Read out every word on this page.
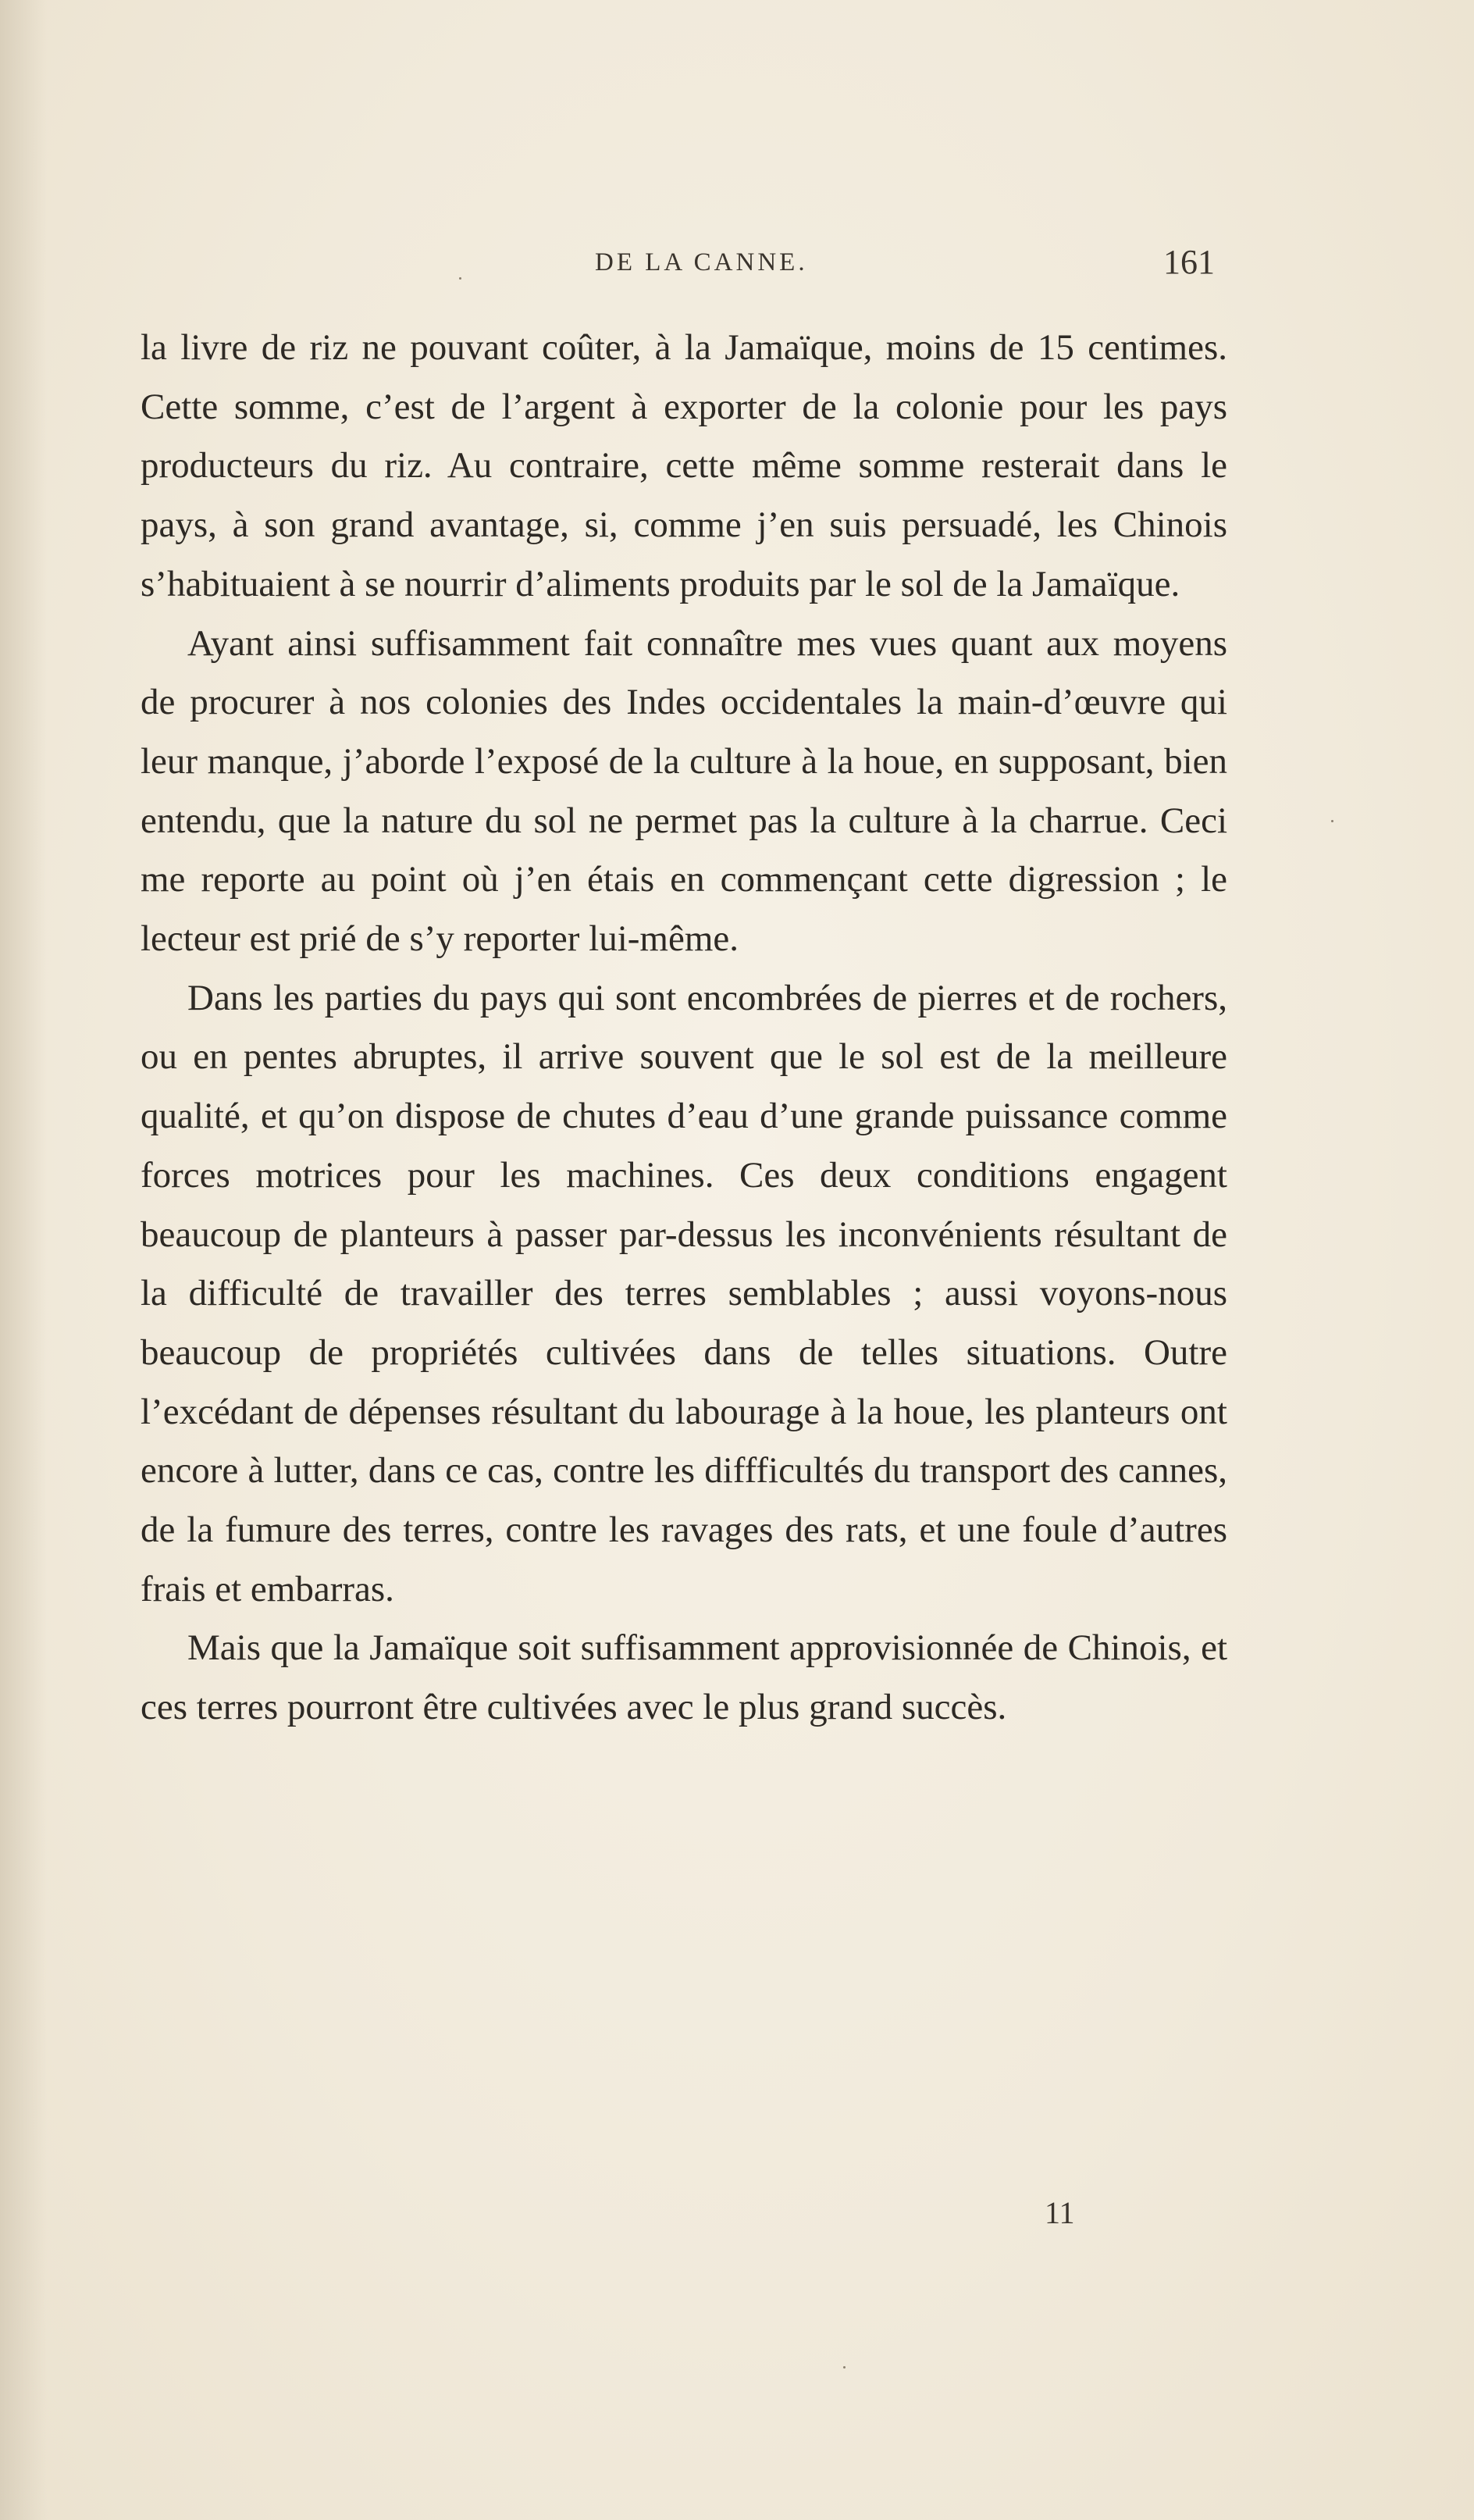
DE LA CANNE.	161

la livre de riz ne pouvant coûter, à la Jamaïque, moins de 15 centimes. Cette somme, c’est de l’argent à exporter de la colonie pour les pays producteurs du riz. Au contraire, cette même somme resterait dans le pays, à son grand avantage, si, comme j’en suis persuadé, les Chinois s’habituaient à se nourrir d’aliments produits par le sol de la Jamaïque.

Ayant ainsi suffisamment fait connaître mes vues quant aux moyens de procurer à nos colonies des Indes occidentales la main-d’œuvre qui leur manque, j’aborde l’exposé de la culture à la houe, en supposant, bien entendu, que la nature du sol ne permet pas la culture à la charrue. Ceci me reporte au point où j’en étais en commençant cette digression ; le lecteur est prié de s’y reporter lui-même.

Dans les parties du pays qui sont encombrées de pierres et de rochers, ou en pentes abruptes, il arrive souvent que le sol est de la meilleure qualité, et qu’on dispose de chutes d’eau d’une grande puissance comme forces motrices pour les machines. Ces deux conditions engagent beaucoup de planteurs à passer par-dessus les inconvénients résultant de la difficulté de travailler des terres semblables ; aussi voyons-nous beaucoup de propriétés cultivées dans de telles situations. Outre l’excédant de dépenses résultant du labourage à la houe, les planteurs ont encore à lutter, dans ce cas, contre les diffficultés du transport des cannes, de la fumure des terres, contre les ravages des rats, et une foule d’autres frais et embarras.

Mais que la Jamaïque soit suffisamment approvisionnée de Chinois, et ces terres pourront être cultivées avec le plus grand succès.

11
